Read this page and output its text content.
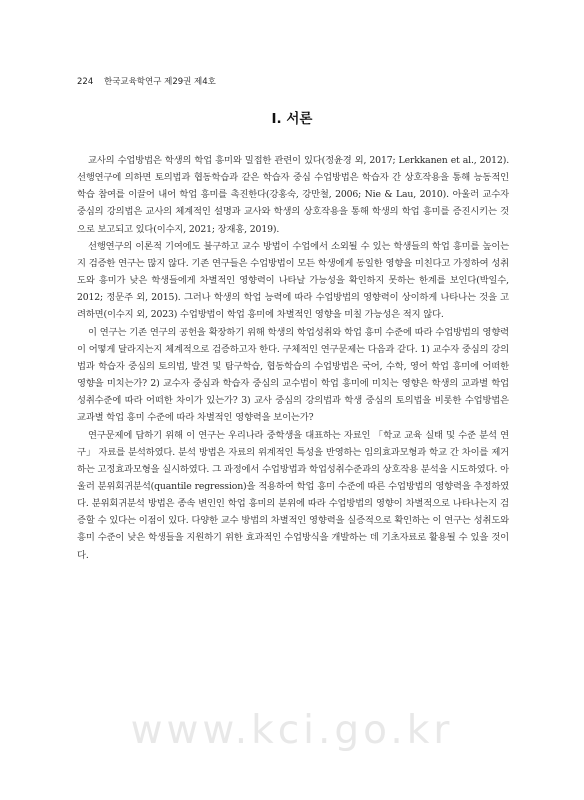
224 한국교육학연구 제29권 제4호
Ⅰ. 서론

교사의 수업방법은 학생의 학업 흥미와 밀접한 관련이 있다(정윤경 외, 2017; Lerkkanen et al., 2012). 선행연구에 의하면 토의법과 협동학습과 같은 학습자 중심 수업방법은 학습자 간 상호작용을 통해 능동적인 학습 참여를 이끌어 내어 학업 흥미를 촉진한다(강홍숙, 강만철, 2006; Nie & Lau, 2010). 아울러 교수자 중심의 강의법은 교사의 체계적인 설명과 교사와 학생의 상호작용을 통해 학생의 학업 흥미를 증진시키는 것으로 보고되고 있다(이수지, 2021; 장재홍, 2019).

선행연구의 이론적 기여에도 불구하고 교수 방법이 수업에서 소외될 수 있는 학생들의 학업 흥미를 높이는지 검증한 연구는 많지 않다. 기존 연구들은 수업방법이 모든 학생에게 동일한 영향을 미친다고 가정하여 성취도와 흥미가 낮은 학생들에게 차별적인 영향력이 나타날 가능성을 확인하지 못하는 한계를 보인다(박일수, 2012; 정문주 외, 2015). 그러나 학생의 학업 능력에 따라 수업방법의 영향력이 상이하게 나타나는 것을 고려하면(이수지 외, 2023) 수업방법이 학업 흥미에 차별적인 영향을 미칠 가능성은 적지 않다.

이 연구는 기존 연구의 공헌을 확장하기 위해 학생의 학업성취와 학업 흥미 수준에 따라 수업방법의 영향력이 어떻게 달라지는지 체계적으로 검증하고자 한다. 구체적인 연구문제는 다음과 같다. 1) 교수자 중심의 강의법과 학습자 중심의 토의법, 발견 및 탐구학습, 협동학습의 수업방법은 국어, 수학, 영어 학업 흥미에 어떠한 영향을 미치는가? 2) 교수자 중심과 학습자 중심의 교수법이 학업 흥미에 미치는 영향은 학생의 교과별 학업성취수준에 따라 어떠한 차이가 있는가? 3) 교사 중심의 강의법과 학생 중심의 토의법을 비롯한 수업방법은 교과별 학업 흥미 수준에 따라 차별적인 영향력을 보이는가?

연구문제에 답하기 위해 이 연구는 우리나라 중학생을 대표하는 자료인 「학교 교육 실태 및 수준 분석 연구」 자료를 분석하였다. 분석 방법은 자료의 위계적인 특성을 반영하는 임의효과모형과 학교 간 차이를 제거하는 고정효과모형을 실시하였다. 그 과정에서 수업방법과 학업성취수준과의 상호작용 분석을 시도하였다. 아울러 분위회귀분석(quantile regression)을 적용하여 학업 흥미 수준에 따른 수업방법의 영향력을 추정하였다. 분위회귀분석 방법은 종속 변인인 학업 흥미의 분위에 따라 수업방법의 영향이 차별적으로 나타나는지 검증할 수 있다는 이점이 있다. 다양한 교수 방법의 차별적인 영향력을 실증적으로 확인하는 이 연구는 성취도와 흥미 수준이 낮은 학생들을 지원하기 위한 효과적인 수업방식을 개발하는 데 기초자료로 활용될 수 있을 것이다.

www.kci.go.kr
